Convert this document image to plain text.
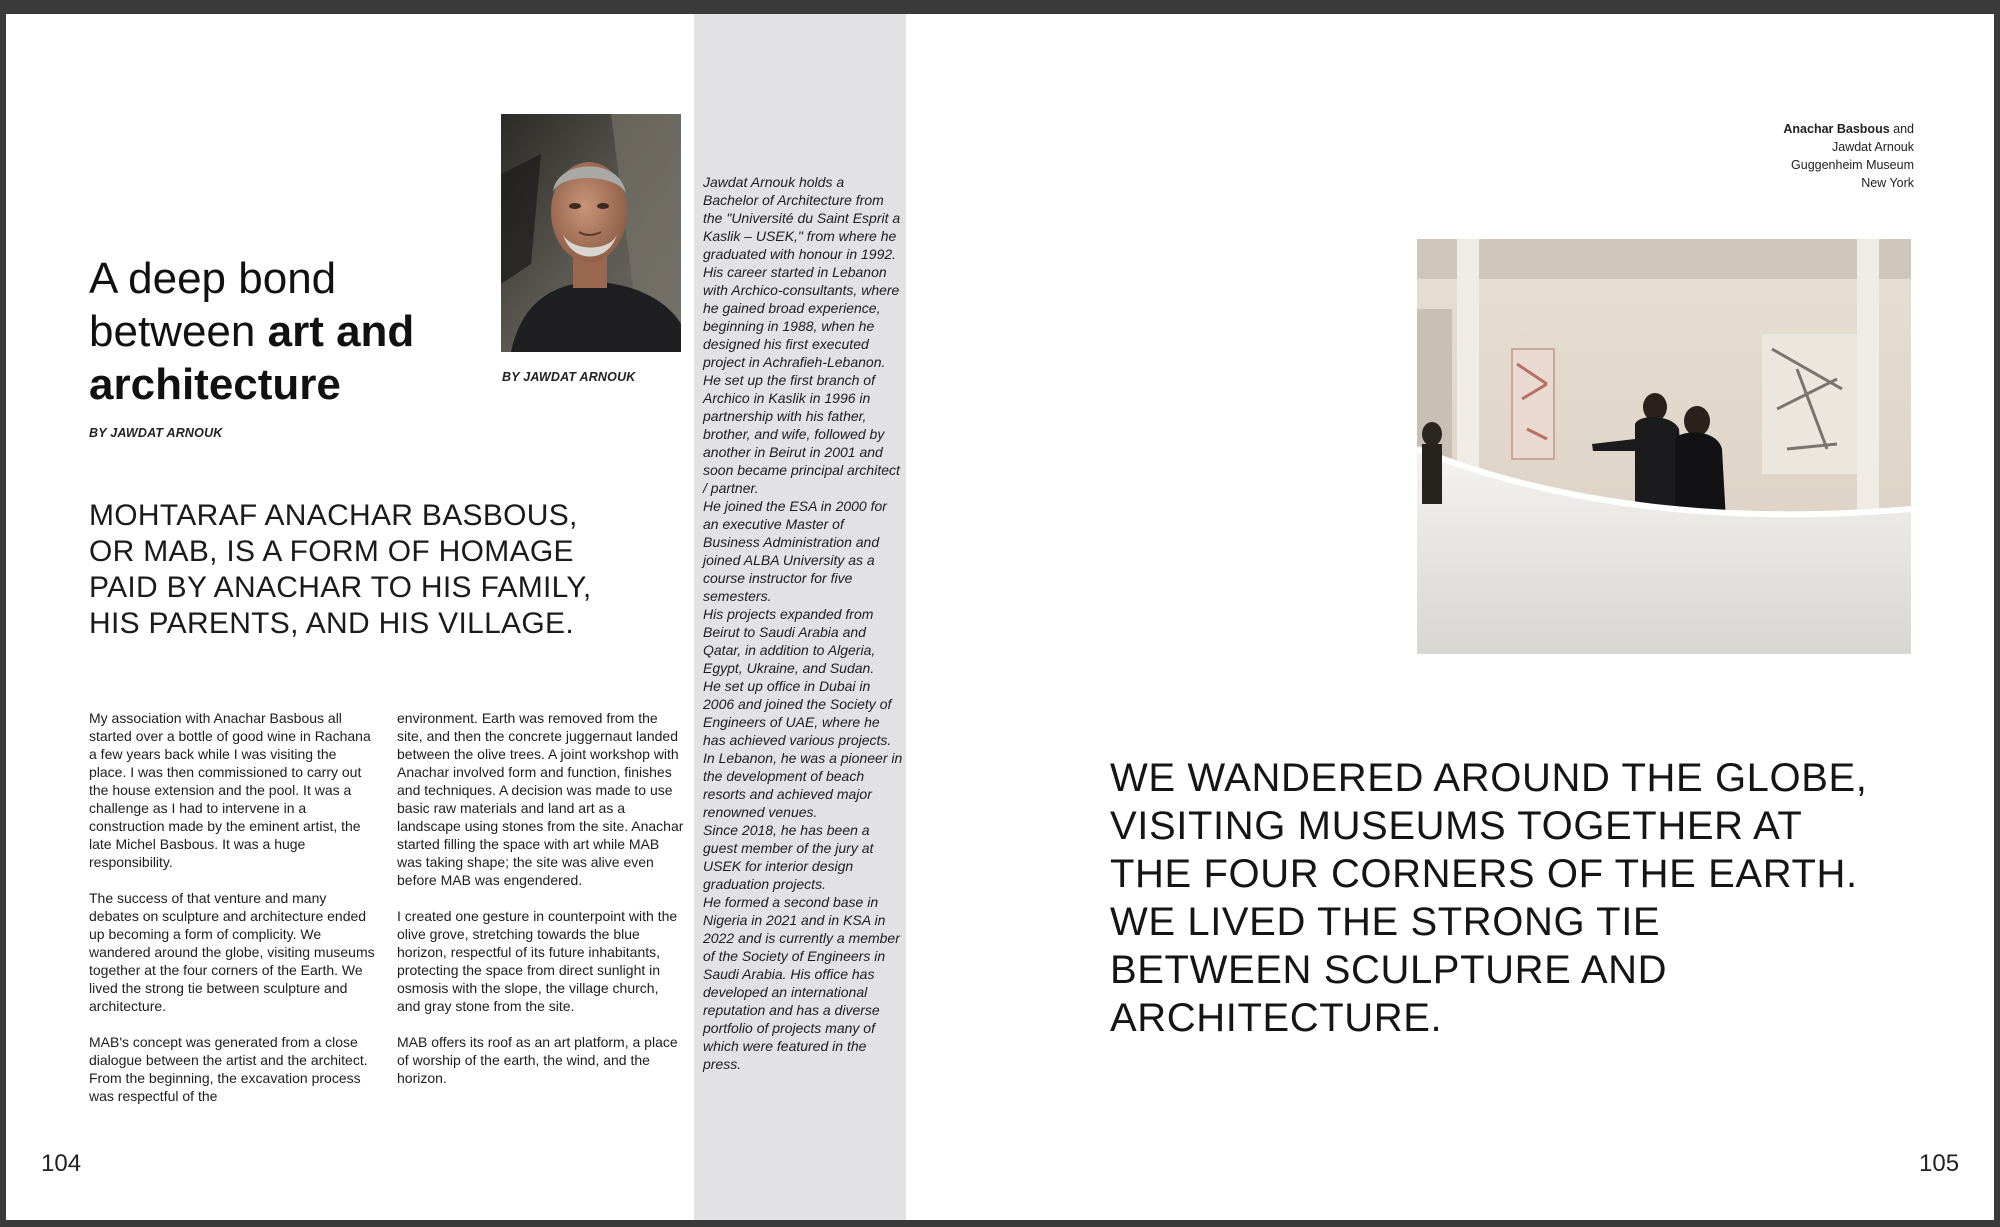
A deep bond between art and architecture
BY JAWDAT ARNOUK
BY JAWDAT ARNOUK
MOHTARAF ANACHAR BASBOUS, OR MAB, IS A FORM OF HOMAGE PAID BY ANACHAR TO HIS FAMILY, HIS PARENTS, AND HIS VILLAGE.

My association with Anachar Basbous all started over a bottle of good wine in Rachana a few years back while I was visiting the place. I was then commissioned to carry out the house extension and the pool. It was a challenge as I had to intervene in a construction made by the eminent artist, the late Michel Basbous. It was a huge responsibility.

The success of that venture and many debates on sculpture and architecture ended up becoming a form of complicity. We wandered around the globe, visiting museums together at the four corners of the Earth. We lived the strong tie between sculpture and architecture.

MAB's concept was generated from a close dialogue between the artist and the architect. From the beginning, the excavation process was respectful of the

environment. Earth was removed from the site, and then the concrete juggernaut landed between the olive trees. A joint workshop with Anachar involved form and function, finishes and techniques. A decision was made to use basic raw materials and land art as a landscape using stones from the site. Anachar started filling the space with art while MAB was taking shape; the site was alive even before MAB was engendered.

I created one gesture in counterpoint with the olive grove, stretching towards the blue horizon, respectful of its future inhabitants, protecting the space from direct sunlight in osmosis with the slope, the village church, and gray stone from the site.

MAB offers its roof as an art platform, a place of worship of the earth, the wind, and the horizon.

104

Jawdat Arnouk holds a Bachelor of Architecture from the "Université du Saint Esprit a Kaslik – USEK," from where he graduated with honour in 1992.

His career started in Lebanon with Archico-consultants, where he gained broad experience, beginning in 1988, when he designed his first executed project in Achrafieh-Lebanon.

He set up the first branch of Archico in Kaslik in 1996 in partnership with his father, brother, and wife, followed by another in Beirut in 2001 and soon became principal architect / partner.

He joined the ESA in 2000 for an executive Master of Business Administration and joined ALBA University as a course instructor for five semesters.

His projects expanded from Beirut to Saudi Arabia and Qatar, in addition to Algeria, Egypt, Ukraine, and Sudan.

He set up office in Dubai in 2006 and joined the Society of Engineers of UAE, where he has achieved various projects. In Lebanon, he was a pioneer in the development of beach resorts and achieved major renowned venues.

Since 2018, he has been a guest member of the jury at USEK for interior design graduation projects.

He formed a second base in Nigeria in 2021 and in KSA in 2022 and is currently a member of the Society of Engineers in Saudi Arabia. His office has developed an international reputation and has a diverse portfolio of projects many of which were featured in the press.

Anachar Basbous and
Jawdat Arnouk
Guggenheim Museum
New York
WE WANDERED AROUND THE GLOBE, VISITING MUSEUMS TOGETHER AT THE FOUR CORNERS OF THE EARTH. WE LIVED THE STRONG TIE BETWEEN SCULPTURE AND ARCHITECTURE.
105
